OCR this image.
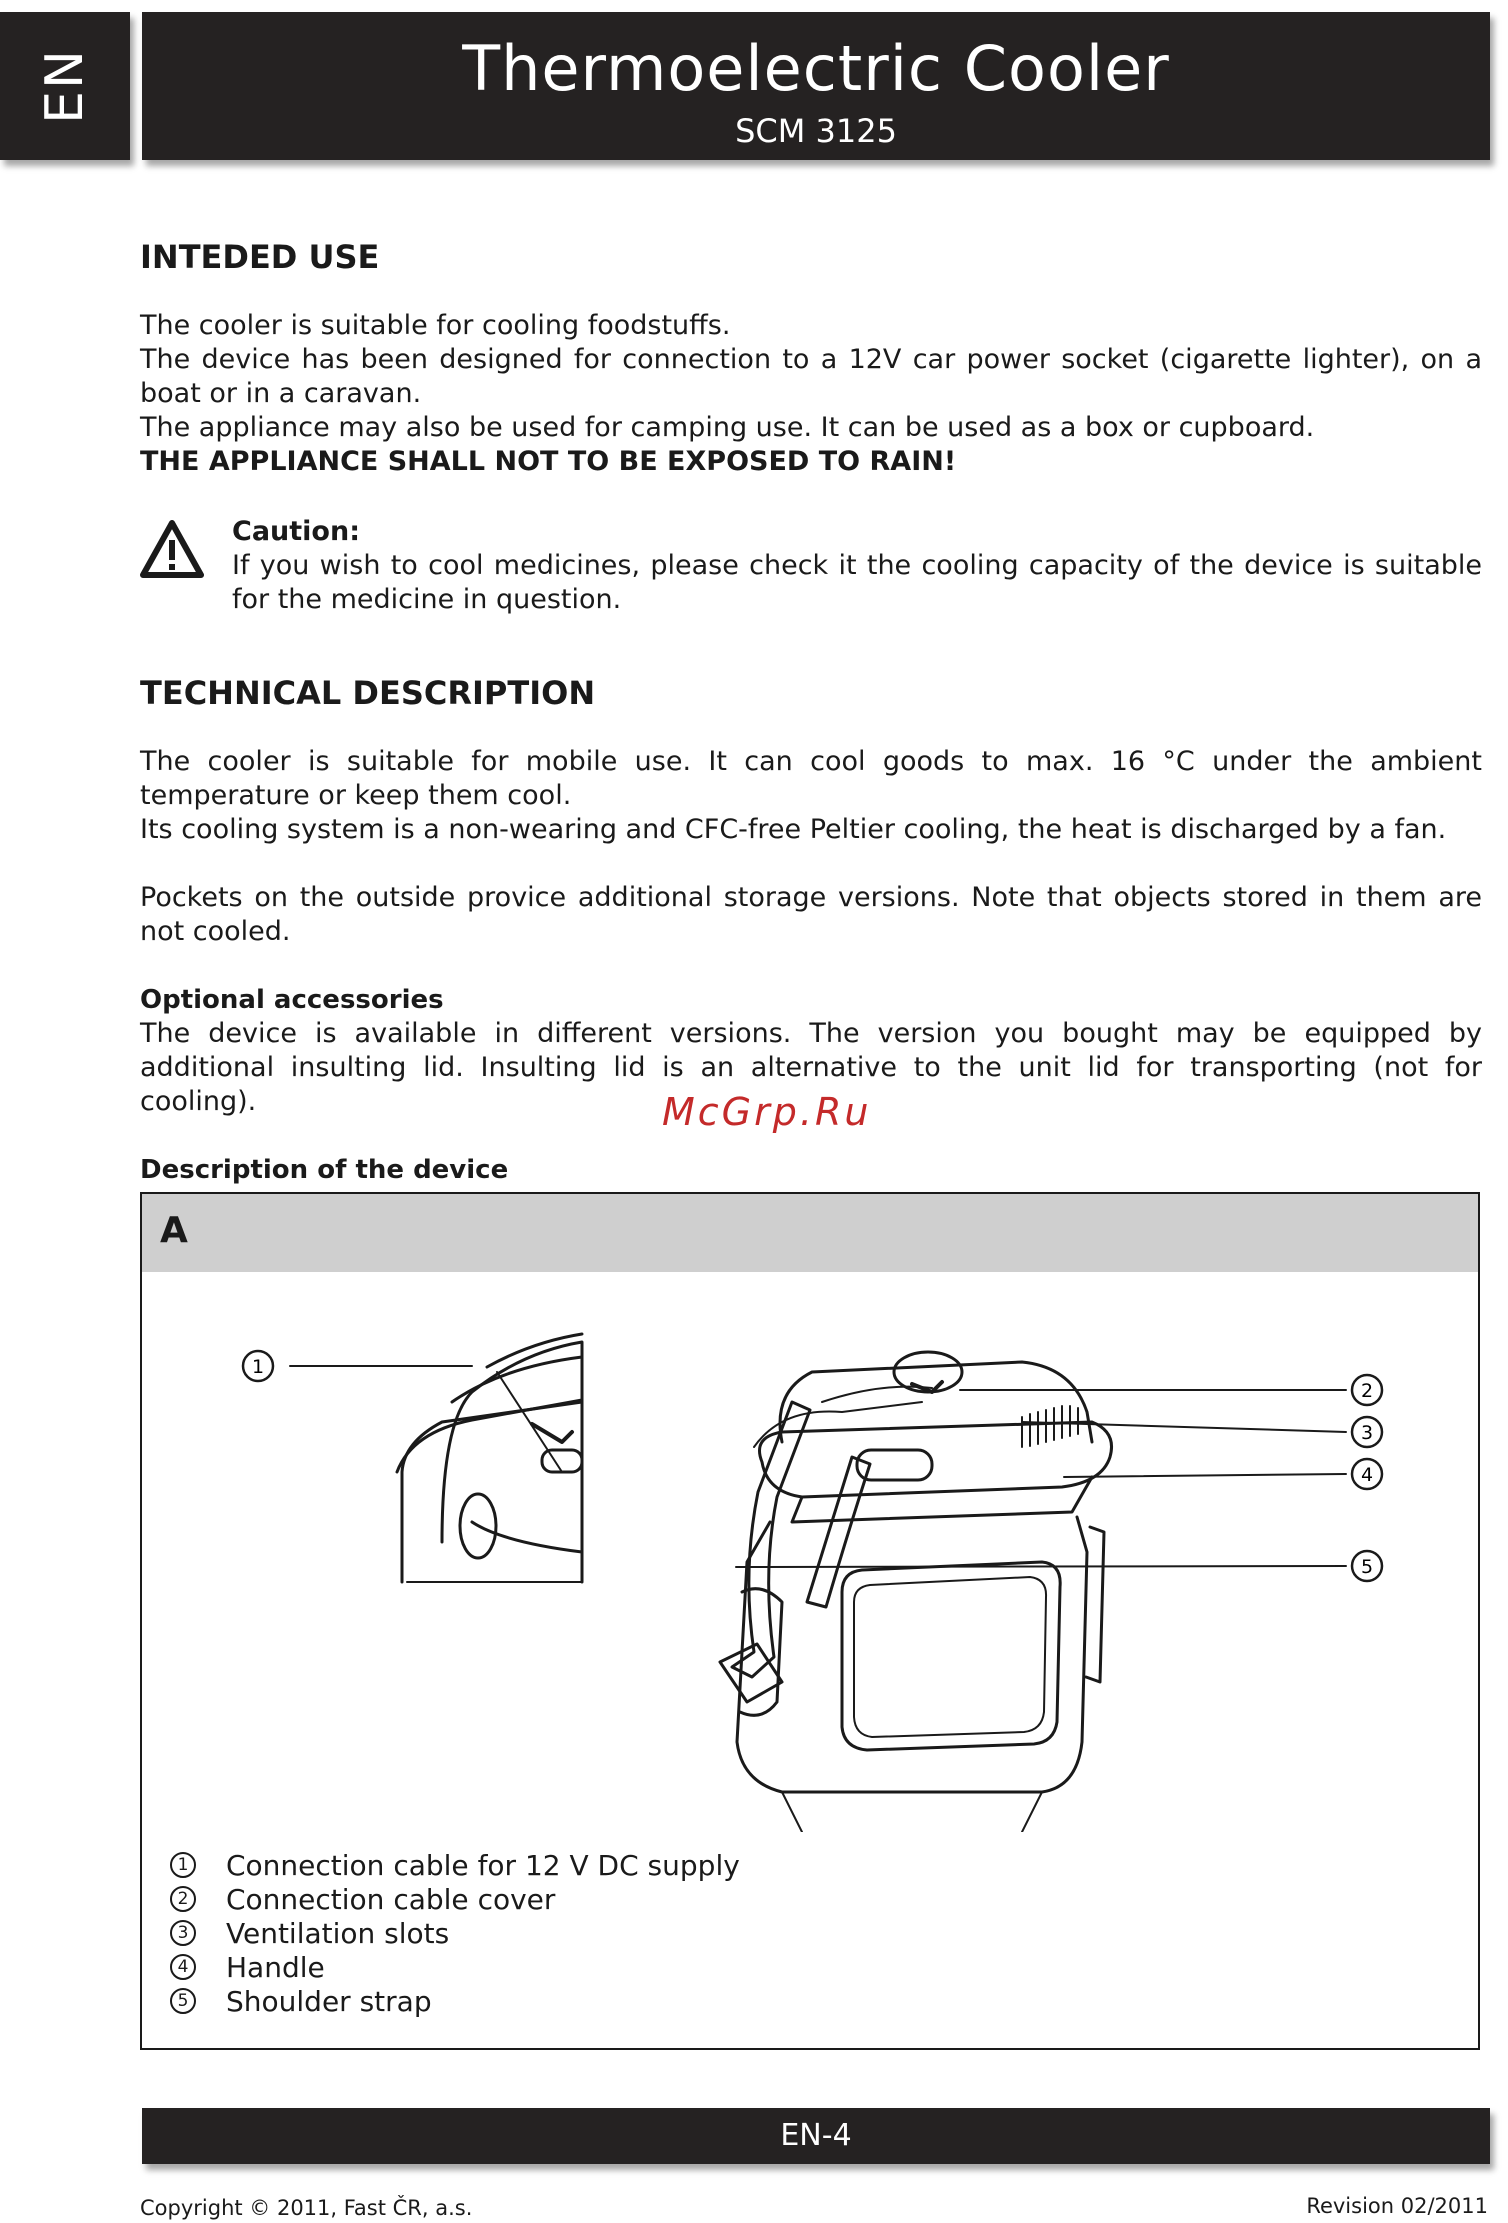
EN	Thermoelectric Cooler
SCM 3125
INTEDED USE

The cooler is suitable for cooling foodstuffs.

The device has been designed for connection to a 12V car power socket (cigarette lighter), on a boat or in a caravan.

The appliance may also be used for camping use. It can be used as a box or cupboard.

THE APPLIANCE SHALL NOT TO BE EXPOSED TO RAIN!

Caution:

If you wish to cool medicines, please check it the cooling capacity of the device is suitable for the medicine in question.

TECHNICAL DESCRIPTION

The cooler is suitable for mobile use. It can cool goods to max. 16 °C under the ambient temperature or keep them cool.

Its cooling system is a non-wearing and CFC-free Peltier cooling, the heat is discharged by a fan.

Pockets on the outside provice additional storage versions. Note that objects stored in them are not cooled.

Optional accessories

The device is available in different versions. The version you bought may be equipped by additional insulting lid. Insulting lid is an alternative to the unit lid for transporting (not for cooling).

Description of the device

McGrp.Ru
A
1
2
3
4
5
1 Connection cable for 12 V DC supply
2 Connection cable cover
3 Ventilation slots
4 Handle
5 Shoulder strap
EN-4
Copyright © 2011, Fast ČR, a.s.	Revision 02/2011
